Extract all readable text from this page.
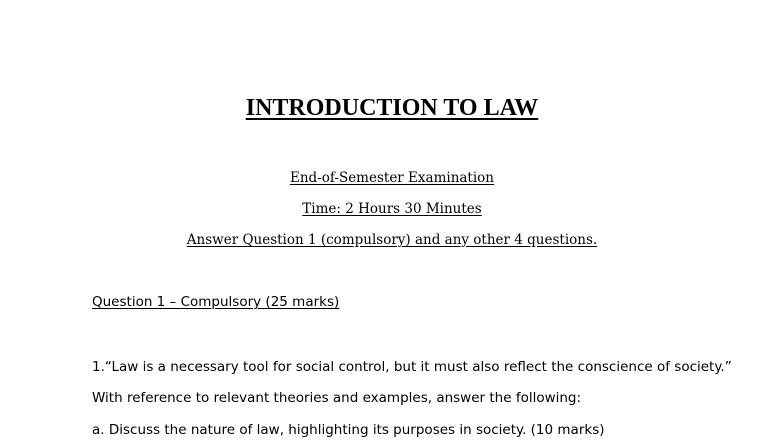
INTRODUCTION TO LAW
End-of-Semester Examination
Time: 2 Hours 30 Minutes
Answer Question 1 (compulsory) and any other 4 questions.
Question 1 – Compulsory (25 marks)
1.“Law is a necessary tool for social control, but it must also reflect the conscience of society.”
With reference to relevant theories and examples, answer the following:
a. Discuss the nature of law, highlighting its purposes in society. (10 marks)
